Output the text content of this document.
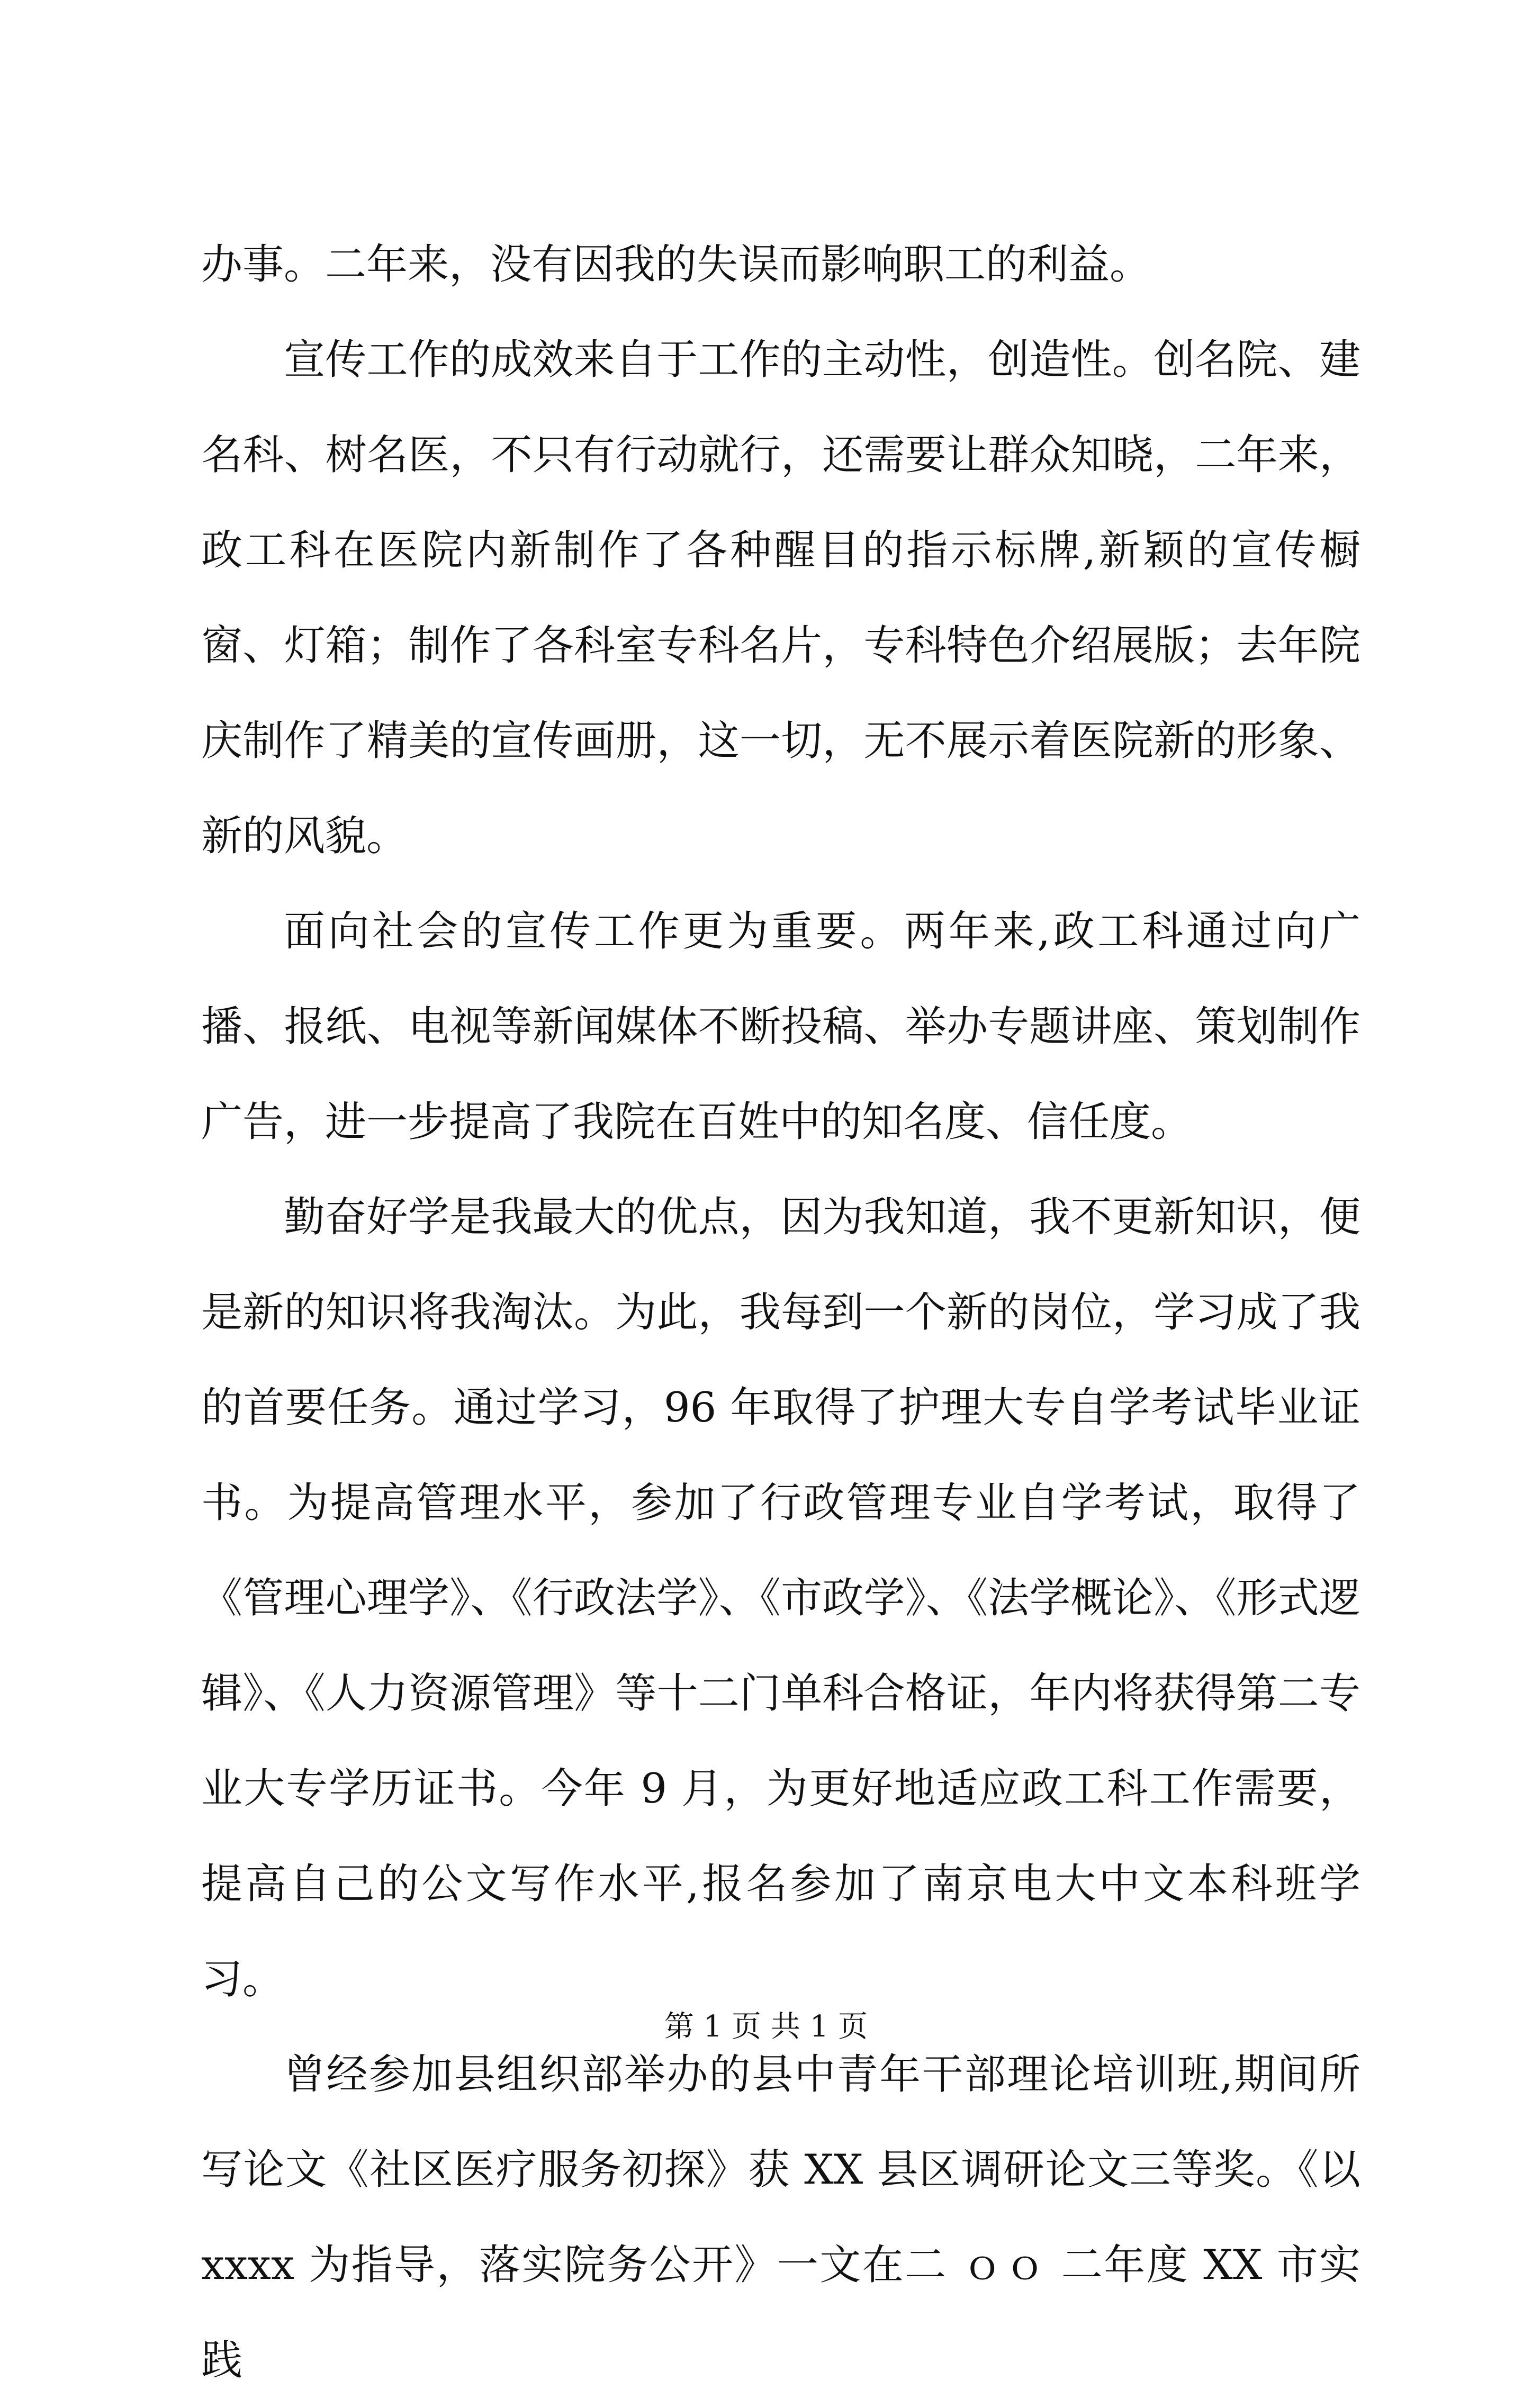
办事。二年来，没有因我的失误而影响职工的利益。

宣传工作的成效来自于工作的主动性，创造性。创名院、建名科、树名医，不只有行动就行，还需要让群众知晓，二年来，政工科在医院内新制作了各种醒目的指示标牌,新颖的宣传橱窗、灯箱；制作了各科室专科名片，专科特色介绍展版；去年院庆制作了精美的宣传画册，这一切，无不展示着医院新的形象、新的风貌。

面向社会的宣传工作更为重要。两年来,政工科通过向广播、报纸、电视等新闻媒体不断投稿、举办专题讲座、策划制作广告，进一步提高了我院在百姓中的知名度、信任度。

勤奋好学是我最大的优点，因为我知道，我不更新知识，便是新的知识将我淘汰。为此，我每到一个新的岗位，学习成了我的首要任务。通过学习，96 年取得了护理大专自学考试毕业证书。为提高管理水平，参加了行政管理专业自学考试，取得了《管理心理学》、《行政法学》、《市政学》、《法学概论》、《形式逻辑》、《人力资源管理》等十二门单科合格证，年内将获得第二专业大专学历证书。今年 9 月，为更好地适应政工科工作需要，提高自己的公文写作水平,报名参加了南京电大中文本科班学习。

曾经参加县组织部举办的县中青年干部理论培训班,期间所写论文《社区医疗服务初探》获 XX 县区调研论文三等奖。《以 xxxx 为指导，落实院务公开》一文在二 ｏｏ 二年度 XX 市实践

第 1 页 共 1 页
